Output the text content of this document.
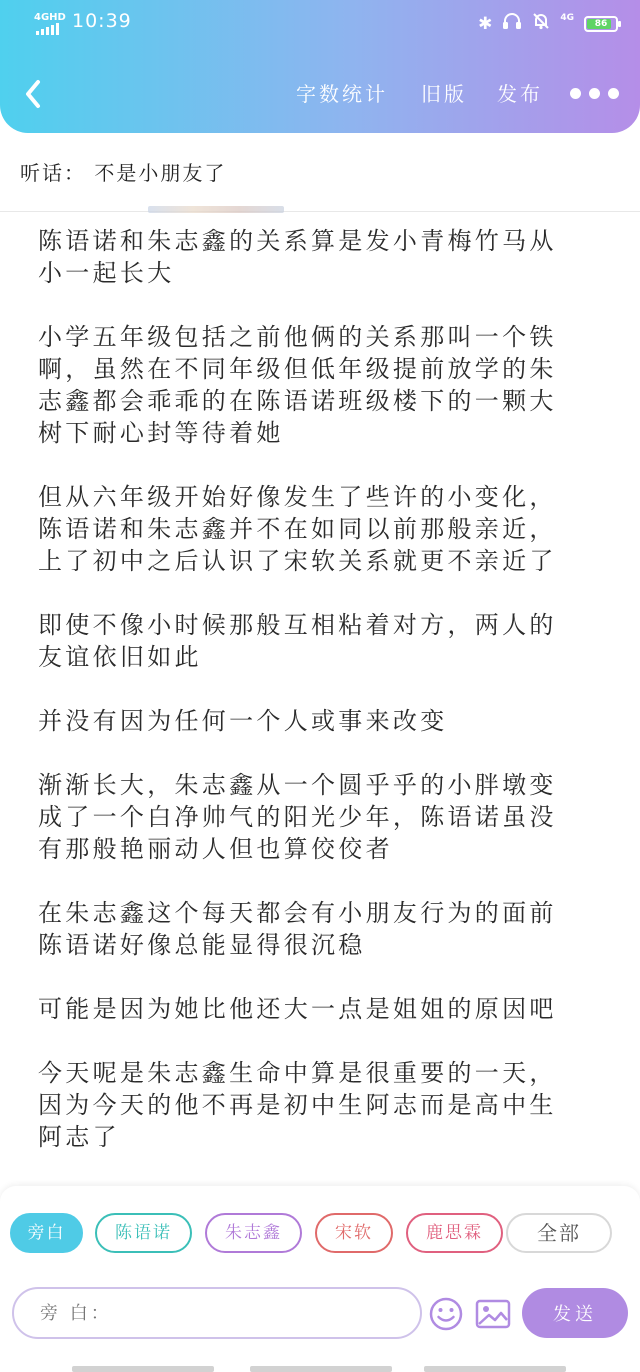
4GHD 10:39	✱	4G
86
字数统计 旧版 发布
听话： 不是小朋友了

陈语诺和朱志鑫的关系算是发小青梅竹马从
小一起长大

小学五年级包括之前他俩的关系那叫一个铁
啊，虽然在不同年级但低年级提前放学的朱
志鑫都会乖乖的在陈语诺班级楼下的一颗大
树下耐心封等待着她

但从六年级开始好像发生了些许的小变化，
陈语诺和朱志鑫并不在如同以前那般亲近，
上了初中之后认识了宋软关系就更不亲近了

即使不像小时候那般互相粘着对方，两人的
友谊依旧如此

并没有因为任何一个人或事来改变

渐渐长大，朱志鑫从一个圆乎乎的小胖墩变
成了一个白净帅气的阳光少年，陈语诺虽没
有那般艳丽动人但也算佼佼者

在朱志鑫这个每天都会有小朋友行为的面前
陈语诺好像总能显得很沉稳

可能是因为她比他还大一点是姐姐的原因吧

今天呢是朱志鑫生命中算是很重要的一天，
因为今天的他不再是初中生阿志而是高中生
阿志了

旁白	陈语诺	朱志鑫	宋软	鹿思霖	全部
旁 白：
发送
